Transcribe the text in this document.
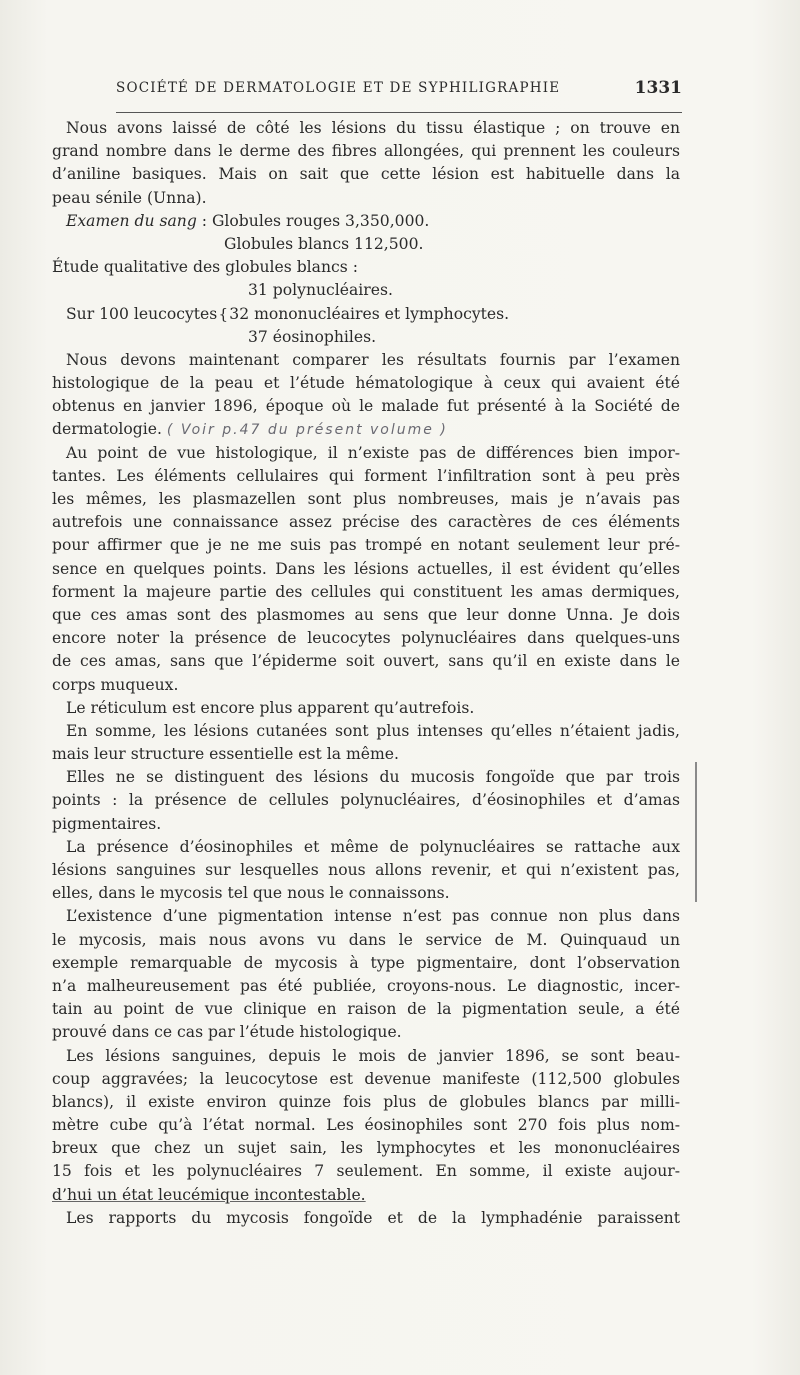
SOCIÉTÉ DE DERMATOLOGIE ET DE SYPHILIGRAPHIE	1331
Nous avons laissé de côté les lésions du tissu élastique ; on trouve en
grand nombre dans le derme des fibres allongées, qui prennent les couleurs
d’aniline basiques. Mais on sait que cette lésion est habituelle dans la
peau sénile (Unna).
Examen du sang : Globules rouges 3,350,000.
Globules blancs 112,500.
Étude qualitative des globules blancs :
31 polynucléaires.
Sur 100 leucocytes{32 mononucléaires et lymphocytes.
37 éosinophiles.
Nous devons maintenant comparer les résultats fournis par l’examen
histologique de la peau et l’étude hématologique à ceux qui avaient été
obtenus en janvier 1896, époque où le malade fut présenté à la Société de
dermatologie. ( Voir p.47 du présent volume )
Au point de vue histologique, il n’existe pas de différences bien impor-
tantes. Les éléments cellulaires qui forment l’infiltration sont à peu près
les mêmes, les plasmazellen sont plus nombreuses, mais je n’avais pas
autrefois une connaissance assez précise des caractères de ces éléments
pour affirmer que je ne me suis pas trompé en notant seulement leur pré-
sence en quelques points. Dans les lésions actuelles, il est évident qu’elles
forment la majeure partie des cellules qui constituent les amas dermiques,
que ces amas sont des plasmomes au sens que leur donne Unna. Je dois
encore noter la présence de leucocytes polynucléaires dans quelques-uns
de ces amas, sans que l’épiderme soit ouvert, sans qu’il en existe dans le
corps muqueux.
Le réticulum est encore plus apparent qu’autrefois.
En somme, les lésions cutanées sont plus intenses qu’elles n’étaient jadis,
mais leur structure essentielle est la même.
Elles ne se distinguent des lésions du mucosis fongoïde que par trois
points : la présence de cellules polynucléaires, d’éosinophiles et d’amas
pigmentaires.
La présence d’éosinophiles et même de polynucléaires se rattache aux
lésions sanguines sur lesquelles nous allons revenir, et qui n’existent pas,
elles, dans le mycosis tel que nous le connaissons.
L’existence d’une pigmentation intense n’est pas connue non plus dans
le mycosis, mais nous avons vu dans le service de M. Quinquaud un
exemple remarquable de mycosis à type pigmentaire, dont l’observation
n’a malheureusement pas été publiée, croyons-nous. Le diagnostic, incer-
tain au point de vue clinique en raison de la pigmentation seule, a été
prouvé dans ce cas par l’étude histologique.
Les lésions sanguines, depuis le mois de janvier 1896, se sont beau-
coup aggravées; la leucocytose est devenue manifeste (112,500 globules
blancs), il existe environ quinze fois plus de globules blancs par milli-
mètre cube qu’à l’état normal. Les éosinophiles sont 270 fois plus nom-
breux que chez un sujet sain, les lymphocytes et les mononucléaires
15 fois et les polynucléaires 7 seulement. En somme, il existe aujour-
d’hui un état leucémique incontestable.
Les rapports du mycosis fongoïde et de la lymphadénie paraissent
